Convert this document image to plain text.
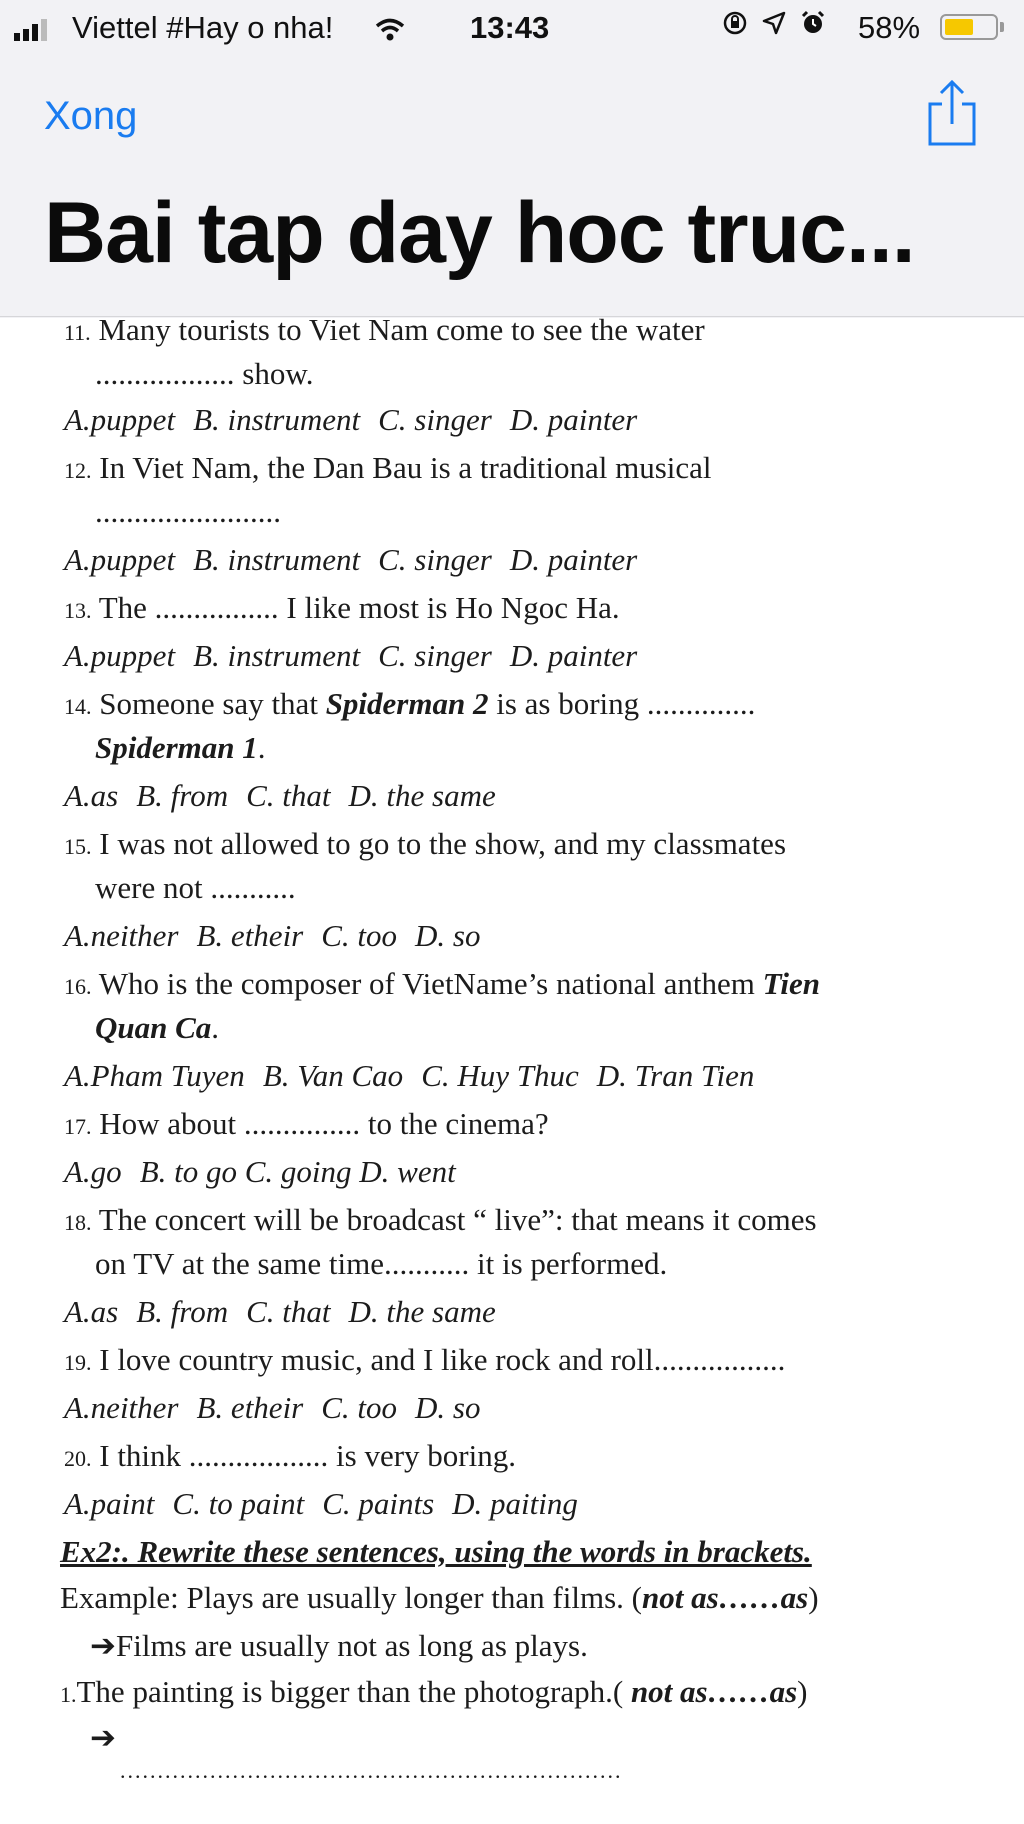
Viettel #Hay o nha!	13:43	58%
Xong
Bai tap day hoc truc...
11. Many tourists to Viet Nam come to see the water
.................. show.
A.puppet B. instrument C. singer D. painter
12. In Viet Nam, the Dan Bau is a traditional musical
........................
A.puppet B. instrument C. singer D. painter
13. The ................ I like most is Ho Ngoc Ha.
A.puppet B. instrument C. singer D. painter
14. Someone say that Spiderman 2 is as boring ..............
Spiderman 1.
A.as B. from C. that D. the same
15. I was not allowed to go to the show, and my classmates
were not ...........
A.neither B. etheir C. too D. so
16. Who is the composer of VietName’s national anthem Tien
Quan Ca.
A.Pham Tuyen B. Van Cao C. Huy Thuc D. Tran Tien
17. How about ............... to the cinema?
A.go B. to go C. going D. went
18. The concert will be broadcast “ live”: that means it comes
on TV at the same time........... it is performed.
A.as B. from C. that D. the same
19. I love country music, and I like rock and roll.................
A.neither B. etheir C. too D. so
20. I think .................. is very boring.
A.paint C. to paint C. paints D. paiting
Ex2:. Rewrite these sentences, using the words in brackets.
Example: Plays are usually longer than films. (not as……as)
➔Films are usually not as long as plays.
1.The painting is bigger than the photograph.( not as……as)
➔
...................................................................
